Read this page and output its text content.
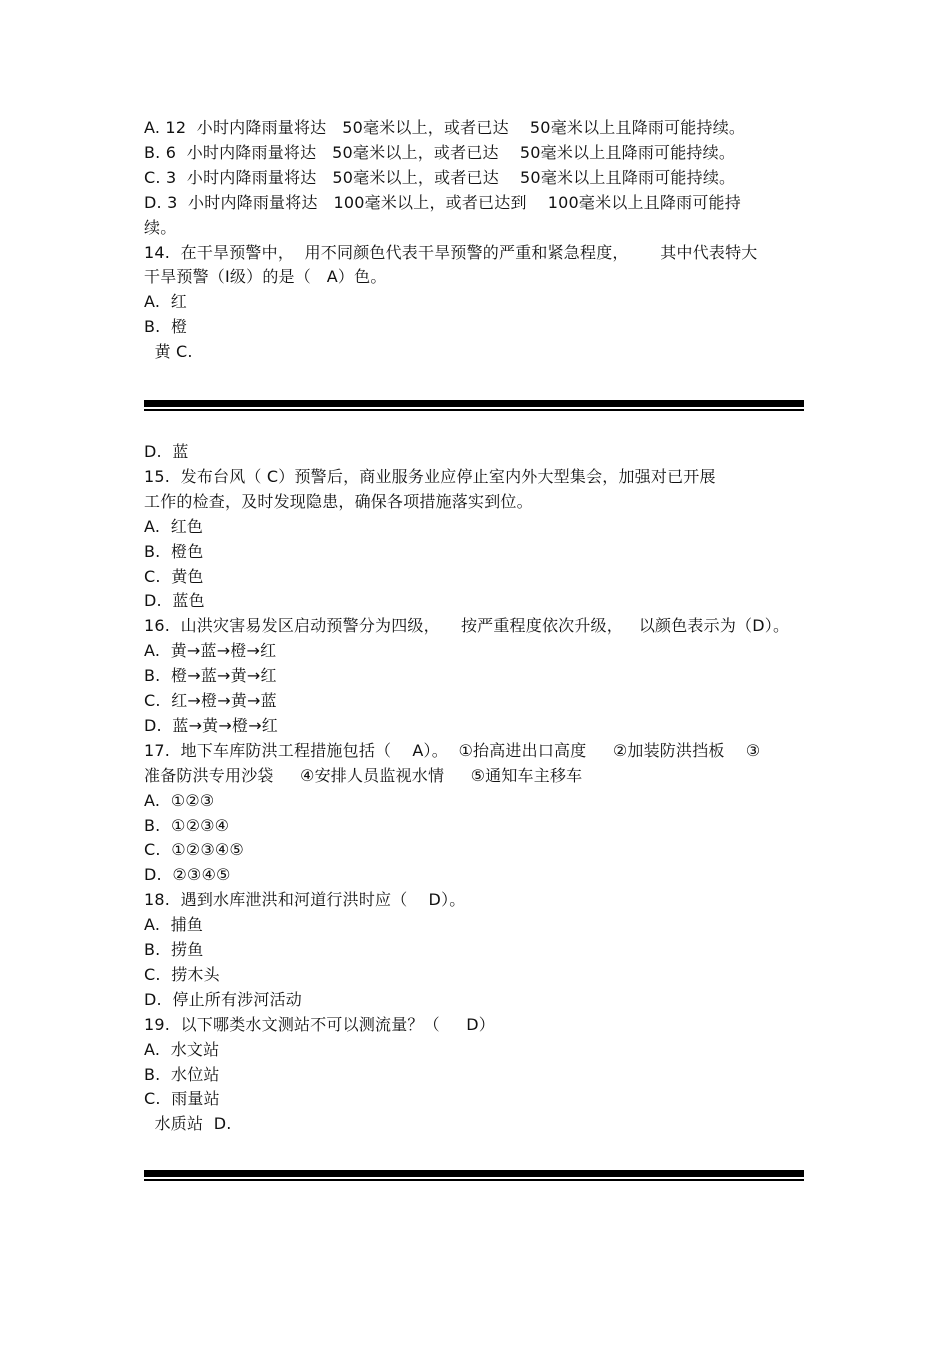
A. 12  小时内降雨量将达   50毫米以上，或者已达    50毫米以上且降雨可能持续。
B. 6  小时内降雨量将达   50毫米以上，或者已达    50毫米以上且降雨可能持续。
C. 3  小时内降雨量将达   50毫米以上，或者已达    50毫米以上且降雨可能持续。
D. 3  小时内降雨量将达   100毫米以上，或者已达到    100毫米以上且降雨可能持
续。
14.  在干旱预警中，  用不同颜色代表干旱预警的严重和紧急程度，      其中代表特大
干旱预警（Ⅰ级）的是（   A）色。
A.  红
B.  橙
黄 C.
D.  蓝
15.  发布台风（ C）预警后，商业服务业应停止室内外大型集会，加强对已开展
工作的检查，及时发现隐患，确保各项措施落实到位。
A.  红色
B.  橙色
C.  黄色
D.  蓝色
16.  山洪灾害易发区启动预警分为四级，    按严重程度依次升级，   以颜色表示为（D）。
A.  黄→蓝→橙→红
B.  橙→蓝→黄→红
C.  红→橙→黄→蓝
D.  蓝→黄→橙→红
17.  地下车库防洪工程措施包括（    A）。  ①抬高进出口高度     ②加装防洪挡板    ③
准备防洪专用沙袋     ④安排人员监视水情     ⑤通知车主移车
A.  ①②③
B.  ①②③④
C.  ①②③④⑤
D.  ②③④⑤
18.  遇到水库泄洪和河道行洪时应（    D）。
A.  捕鱼
B.  捞鱼
C.  捞木头
D.  停止所有涉河活动
19.  以下哪类水文测站不可以测流量？（     D）
A.  水文站
B.  水位站
C.  雨量站
水质站  D.
